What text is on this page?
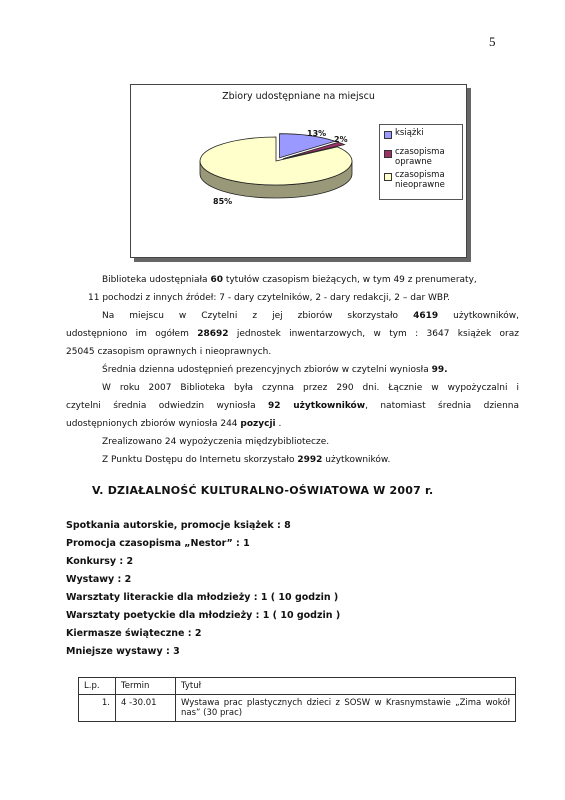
5
Zbiory udostępniane na miejscu
13%
2%
85%
książki
czasopisma oprawne
czasopisma nieoprawne

Biblioteka udostępniała 60 tytułów czasopism bieżących, w tym 49 z prenumeraty,

11 pochodzi z innych źródeł: 7 - dary czytelników, 2 - dary redakcji, 2 – dar WBP.

Na miejscu w Czytelni z jej zbiorów skorzystało 4619 użytkowników,

udostępniono im ogółem 28692 jednostek inwentarzowych, w tym : 3647 książek oraz

25045 czasopism oprawnych i nieoprawnych.

Średnia dzienna udostępnień prezencyjnych zbiorów w czytelni wyniosła 99.

W roku 2007 Biblioteka była czynna przez 290 dni. Łącznie w wypożyczalni i

czytelni średnia odwiedzin wyniosła 92 użytkowników, natomiast średnia dzienna

udostępnionych zbiorów wyniosła 244 pozycji .

Zrealizowano 24 wypożyczenia międzybibliotecze.

Z Punktu Dostępu do Internetu skorzystało 2992 użytkowników.

V. DZIAŁALNOŚĆ KULTURALNO-OŚWIATOWA W 2007 r.
Spotkania autorskie, promocje książek : 8
Promocja czasopisma „Nestor” : 1
Konkursy : 2
Wystawy : 2
Warsztaty literackie dla młodzieży : 1 ( 10 godzin )
Warsztaty poetyckie dla młodzieży : 1 ( 10 godzin )
Kiermasze świąteczne : 2
Mniejsze wystawy : 3
L.p.	Termin	Tytuł
1.	4 -30.01	Wystawa prac plastycznych dzieci z SOSW w Krasnymstawie „Zima wokół nas” (30 prac)
